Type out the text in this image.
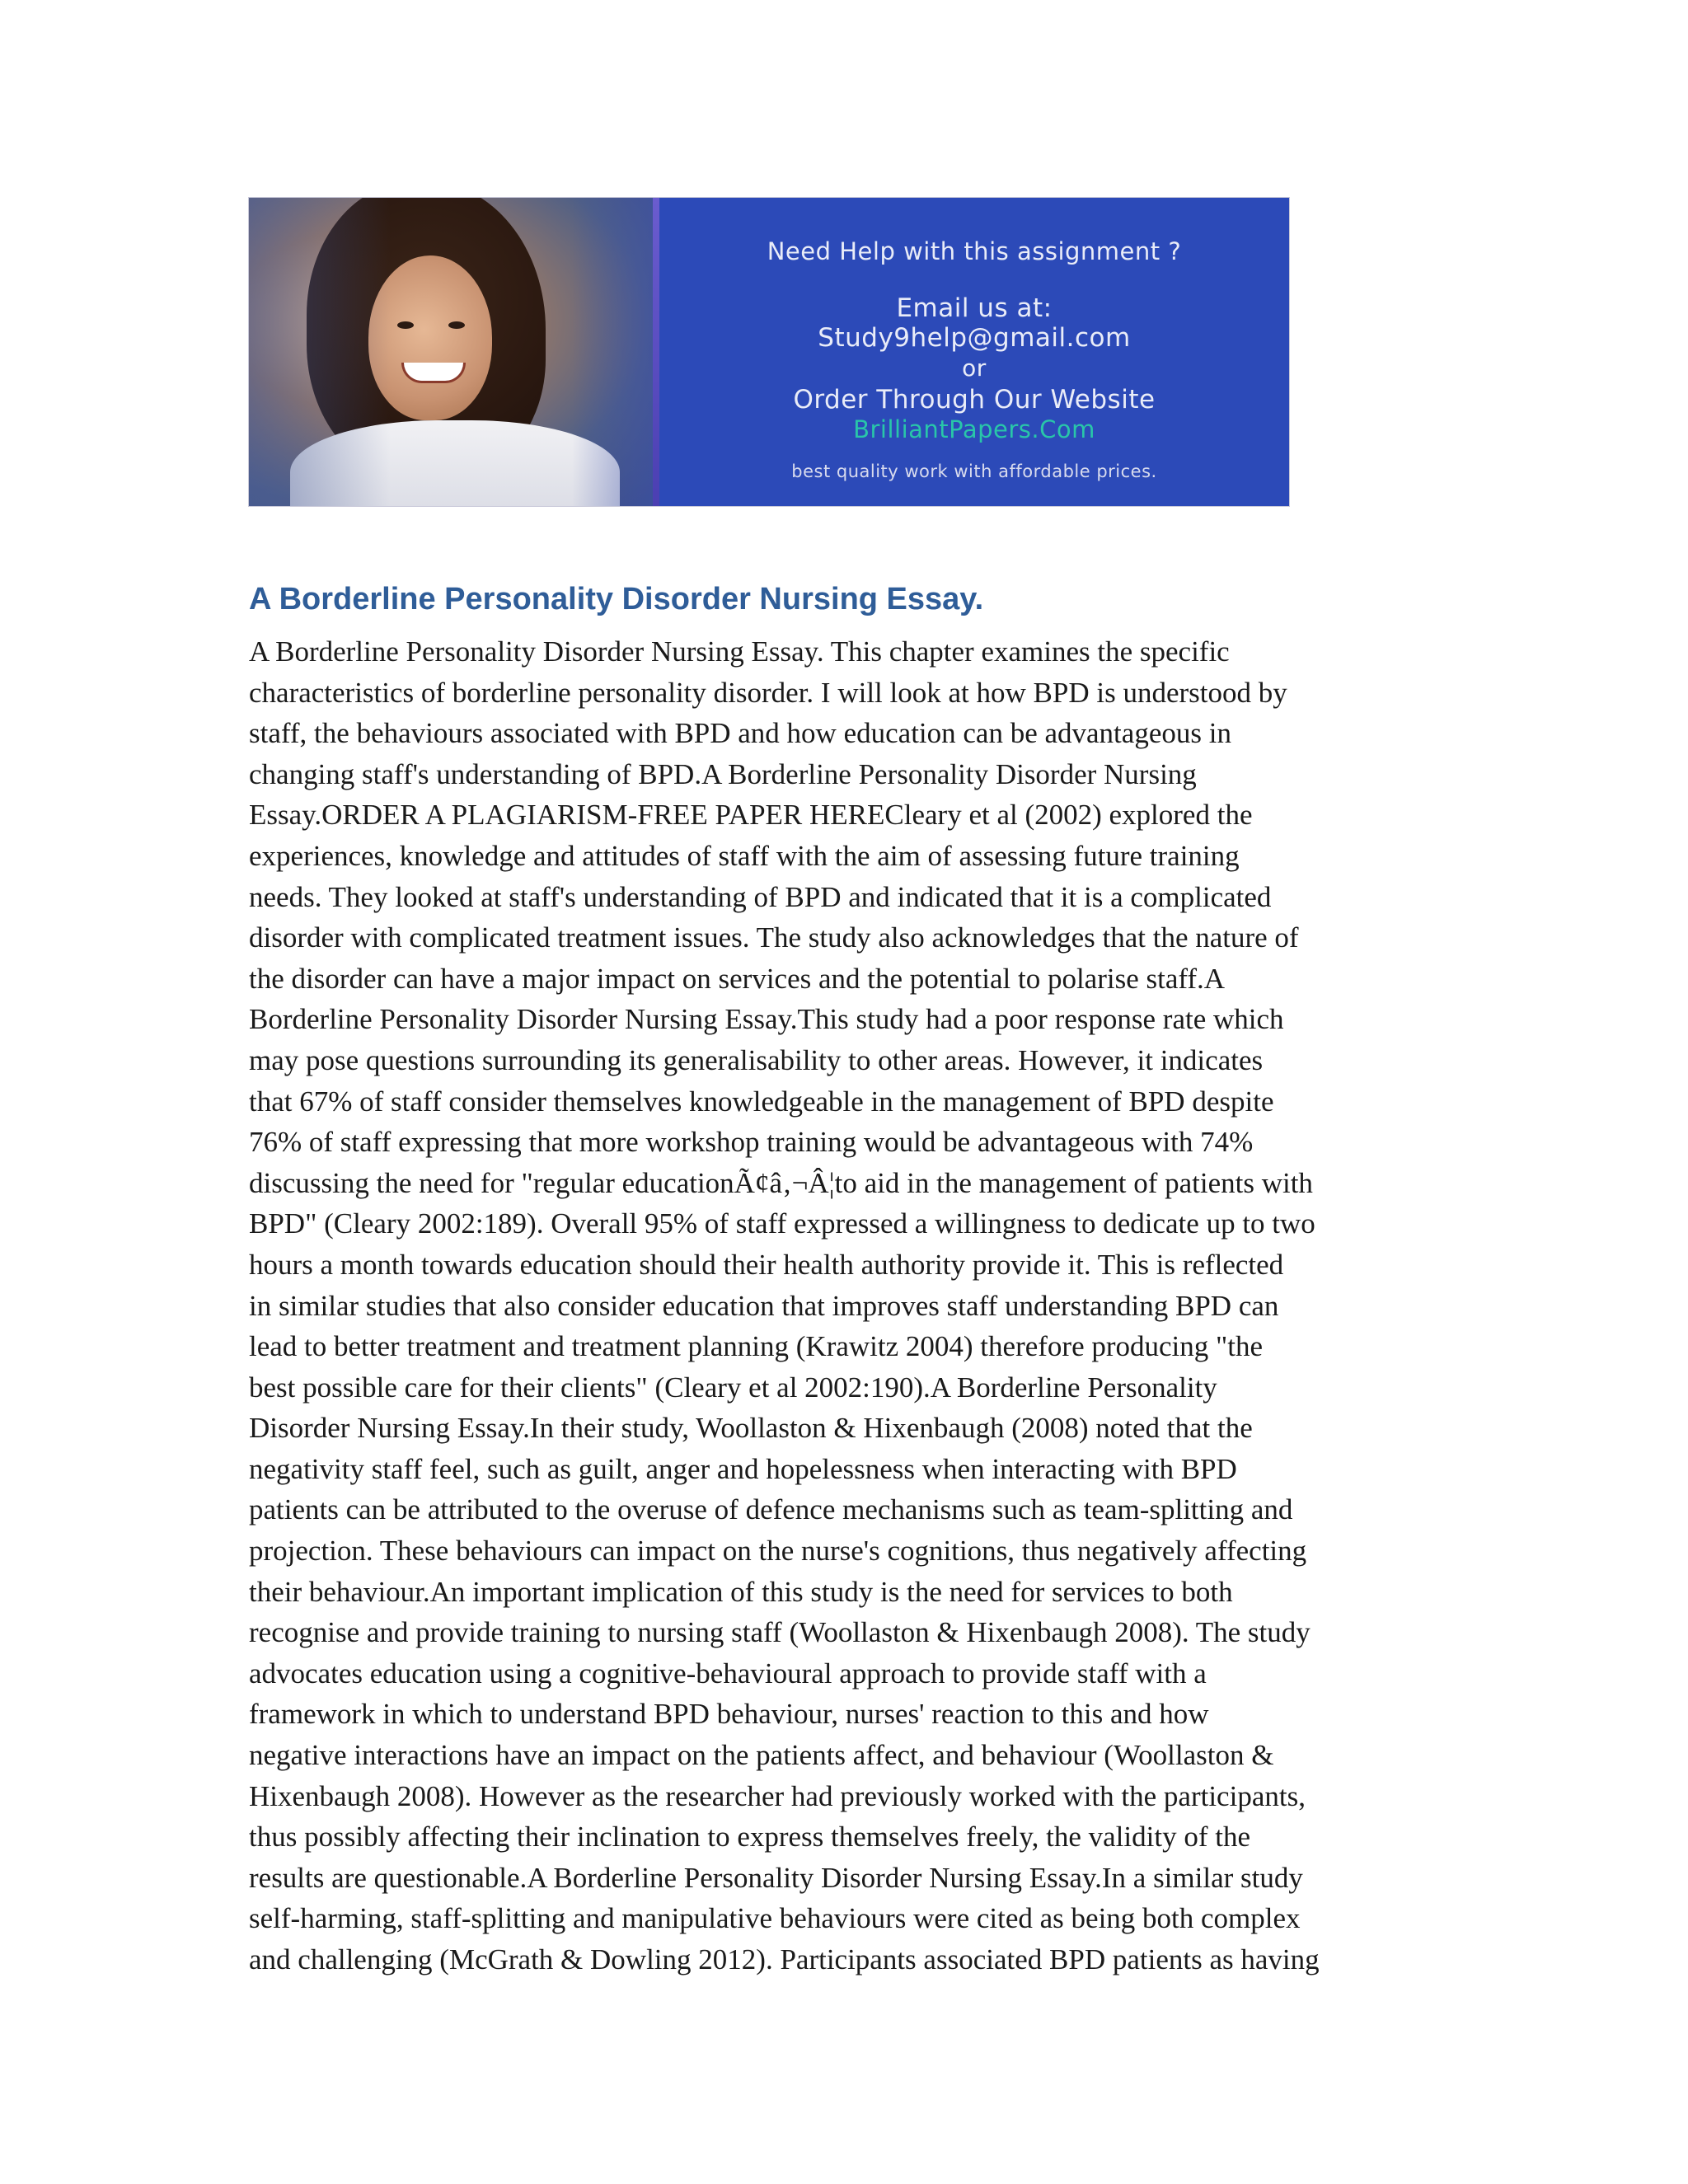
Need Help with this assignment ?
Email us at:
Study9help@gmail.com
or
Order Through Our Website
BrilliantPapers.Com
best quality work with affordable prices.
A Borderline Personality Disorder Nursing Essay.

A Borderline Personality Disorder Nursing Essay. This chapter examines the specific
characteristics of borderline personality disorder. I will look at how BPD is understood by
staff, the behaviours associated with BPD and how education can be advantageous in
changing staff's understanding of BPD.A Borderline Personality Disorder Nursing
Essay.ORDER A PLAGIARISM-FREE PAPER HERECleary et al (2002) explored the
experiences, knowledge and attitudes of staff with the aim of assessing future training
needs. They looked at staff's understanding of BPD and indicated that it is a complicated
disorder with complicated treatment issues. The study also acknowledges that the nature of
the disorder can have a major impact on services and the potential to polarise staff.A
Borderline Personality Disorder Nursing Essay.This study had a poor response rate which
may pose questions surrounding its generalisability to other areas. However, it indicates
that 67% of staff consider themselves knowledgeable in the management of BPD despite
76% of staff expressing that more workshop training would be advantageous with 74%
discussing the need for "regular educationÃ¢â‚¬Â¦to aid in the management of patients with
BPD" (Cleary 2002:189). Overall 95% of staff expressed a willingness to dedicate up to two
hours a month towards education should their health authority provide it. This is reflected
in similar studies that also consider education that improves staff understanding BPD can
lead to better treatment and treatment planning (Krawitz 2004) therefore producing "the
best possible care for their clients" (Cleary et al 2002:190).A Borderline Personality
Disorder Nursing Essay.In their study, Woollaston & Hixenbaugh (2008) noted that the
negativity staff feel, such as guilt, anger and hopelessness when interacting with BPD
patients can be attributed to the overuse of defence mechanisms such as team-splitting and
projection. These behaviours can impact on the nurse's cognitions, thus negatively affecting
their behaviour.An important implication of this study is the need for services to both
recognise and provide training to nursing staff (Woollaston & Hixenbaugh 2008). The study
advocates education using a cognitive-behavioural approach to provide staff with a
framework in which to understand BPD behaviour, nurses' reaction to this and how
negative interactions have an impact on the patients affect, and behaviour (Woollaston &
Hixenbaugh 2008). However as the researcher had previously worked with the participants,
thus possibly affecting their inclination to express themselves freely, the validity of the
results are questionable.A Borderline Personality Disorder Nursing Essay.In a similar study
self-harming, staff-splitting and manipulative behaviours were cited as being both complex
and challenging (McGrath & Dowling 2012). Participants associated BPD patients as having
